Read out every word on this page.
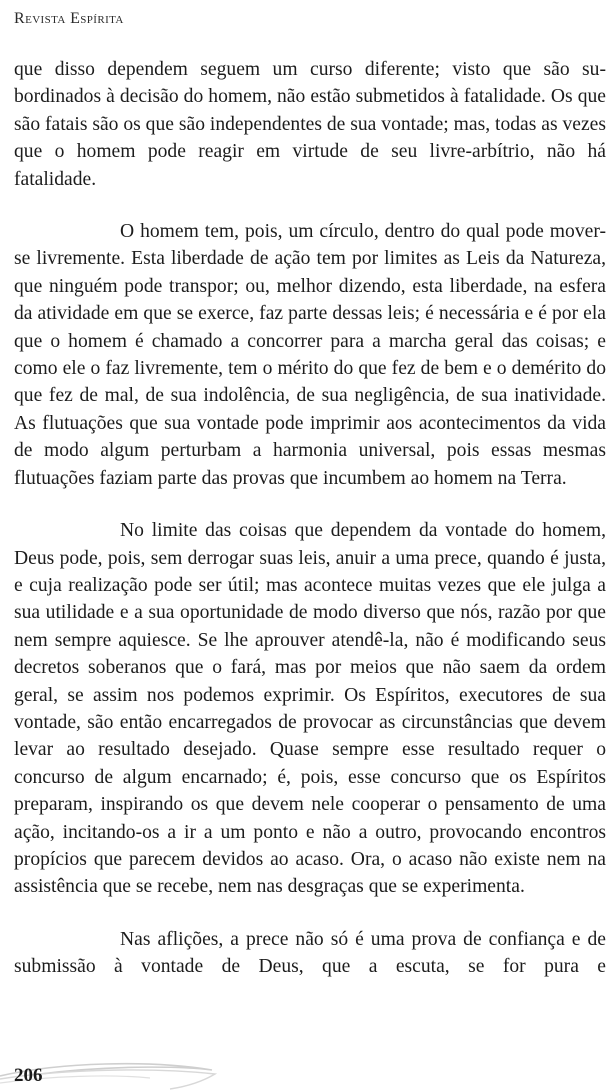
Revista Espírita

que disso dependem seguem um curso diferente; visto que são subordinados à decisão do homem, não estão submetidos à fatalidade. Os que são fatais são os que são independentes de sua vontade; mas, todas as vezes que o homem pode reagir em virtude de seu livre-arbítrio, não há fatalidade.

O homem tem, pois, um círculo, dentro do qual pode mover-se livremente. Esta liberdade de ação tem por limites as Leis da Natureza, que ninguém pode transpor; ou, melhor dizendo, esta liberdade, na esfera da atividade em que se exerce, faz parte dessas leis; é necessária e é por ela que o homem é chamado a concorrer para a marcha geral das coisas; e como ele o faz livremente, tem o mérito do que fez de bem e o demérito do que fez de mal, de sua indolência, de sua negligência, de sua inatividade. As flutuações que sua vontade pode imprimir aos acontecimentos da vida de modo algum perturbam a harmonia universal, pois essas mesmas flutuações faziam parte das provas que incumbem ao homem na Terra.

No limite das coisas que dependem da vontade do homem, Deus pode, pois, sem derrogar suas leis, anuir a uma prece, quando é justa, e cuja realização pode ser útil; mas acontece muitas vezes que ele julga a sua utilidade e a sua oportunidade de modo diverso que nós, razão por que nem sempre aquiesce. Se lhe aprouver atendê-la, não é modificando seus decretos soberanos que o fará, mas por meios que não saem da ordem geral, se assim nos podemos exprimir. Os Espíritos, executores de sua vontade, são então encarregados de provocar as circunstâncias que devem levar ao resultado desejado. Quase sempre esse resultado requer o concurso de algum encarnado; é, pois, esse concurso que os Espíritos preparam, inspirando os que devem nele cooperar o pensamento de uma ação, incitando-os a ir a um ponto e não a outro, provocando encontros propícios que parecem devidos ao acaso. Ora, o acaso não existe nem na assistência que se recebe, nem nas desgraças que se experimenta.

Nas aflições, a prece não só é uma prova de confiança e de submissão à vontade de Deus, que a escuta, se for pura e

206
